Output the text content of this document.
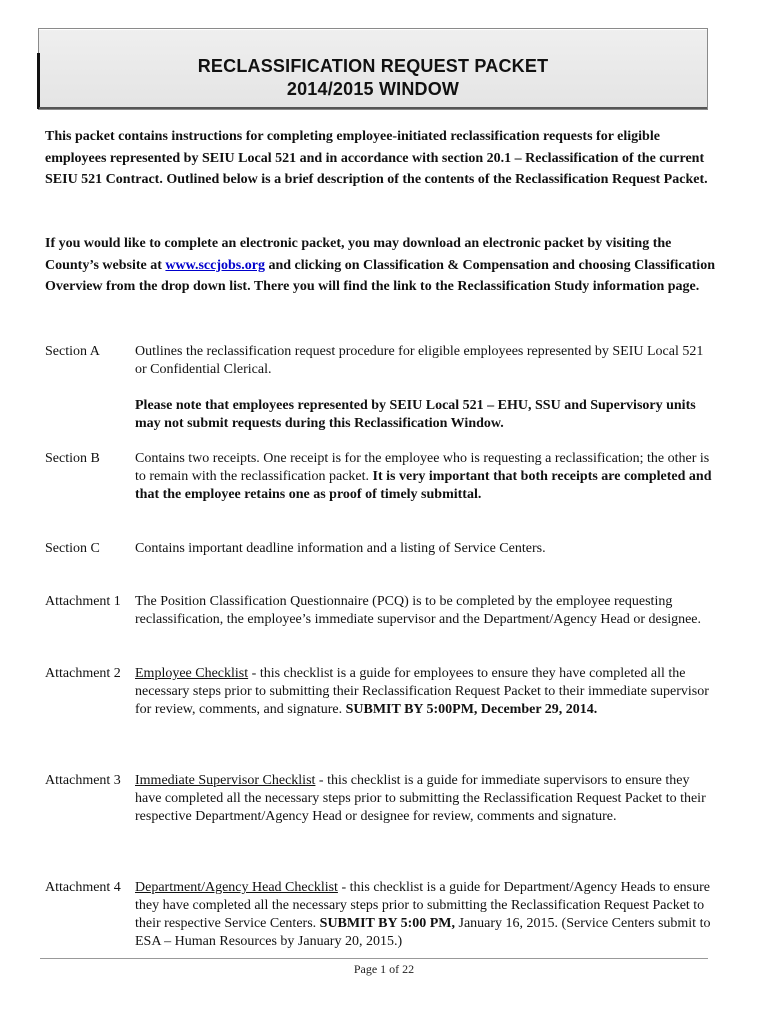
RECLASSIFICATION REQUEST PACKET
2014/2015 WINDOW
This packet contains instructions for completing employee-initiated reclassification requests for eligible employees represented by SEIU Local 521 and in accordance with section 20.1 – Reclassification of the current SEIU 521 Contract. Outlined below is a brief description of the contents of the Reclassification Request Packet.
If you would like to complete an electronic packet, you may download an electronic packet by visiting the County’s website at www.sccjobs.org and clicking on Classification & Compensation and choosing Classification Overview from the drop down list. There you will find the link to the Reclassification Study information page.
Section A	Outlines the reclassification request procedure for eligible employees represented by SEIU Local 521 or Confidential Clerical.
Please note that employees represented by SEIU Local 521 – EHU, SSU and Supervisory units may not submit requests during this Reclassification Window.
Section B	Contains two receipts. One receipt is for the employee who is requesting a reclassification; the other is to remain with the reclassification packet. It is very important that both receipts are completed and that the employee retains one as proof of timely submittal.
Section C	Contains important deadline information and a listing of Service Centers.
Attachment 1	The Position Classification Questionnaire (PCQ) is to be completed by the employee requesting reclassification, the employee’s immediate supervisor and the Department/Agency Head or designee.
Attachment 2	Employee Checklist - this checklist is a guide for employees to ensure they have completed all the necessary steps prior to submitting their Reclassification Request Packet to their immediate supervisor for review, comments, and signature. SUBMIT BY 5:00PM, December 29, 2014.
Attachment 3	Immediate Supervisor Checklist - this checklist is a guide for immediate supervisors to ensure they have completed all the necessary steps prior to submitting the Reclassification Request Packet to their respective Department/Agency Head or designee for review, comments and signature.
Attachment 4	Department/Agency Head Checklist - this checklist is a guide for Department/Agency Heads to ensure they have completed all the necessary steps prior to submitting the Reclassification Request Packet to their respective Service Centers. SUBMIT BY 5:00 PM, January 16, 2015. (Service Centers submit to ESA – Human Resources by January 20, 2015.)
Page 1 of 22
